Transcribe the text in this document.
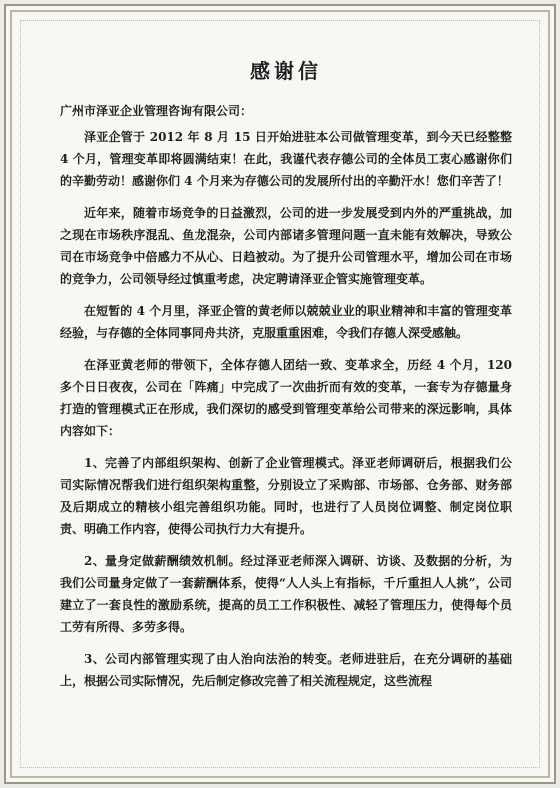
感谢信
广州市泽亚企业管理咨询有限公司：

泽亚企管于 2012 年 8 月 15 日开始进驻本公司做管理变革，到今天已经整整 4 个月，管理变革即将圆满结束！在此，我谨代表存德公司的全体员工衷心感谢你们的辛勤劳动！感谢你们 4 个月来为存德公司的发展所付出的辛勤汗水！您们辛苦了！

近年来，随着市场竞争的日益激烈，公司的进一步发展受到内外的严重挑战，加之现在市场秩序混乱、鱼龙混杂，公司内部诸多管理问题一直未能有效解决，导致公司在市场竞争中倍感力不从心、日趋被动。为了提升公司管理水平，增加公司在市场的竞争力，公司领导经过慎重考虑，决定聘请泽亚企管实施管理变革。

在短暂的 4 个月里，泽亚企管的黄老师以兢兢业业的职业精神和丰富的管理变革经验，与存德的全体同事同舟共济，克服重重困难，令我们存德人深受感触。

在泽亚黄老师的带领下，全体存德人团结一致、变革求全，历经 4 个月，120 多个日日夜夜，公司在「阵痛」中完成了一次曲折而有效的变革，一套专为存德量身打造的管理模式正在形成，我们深切的感受到管理变革给公司带来的深远影响，具体内容如下：

1、完善了内部组织架构、创新了企业管理模式。泽亚老师调研后，根据我们公司实际情况帮我们进行组织架构重整，分别设立了采购部、市场部、仓务部、财务部及后期成立的精核小组完善组织功能。同时，也进行了人员岗位调整、制定岗位职责、明确工作内容，使得公司执行力大有提升。

2、量身定做薪酬绩效机制。经过泽亚老师深入调研、访谈、及数据的分析，为我们公司量身定做了一套薪酬体系，使得“人人头上有指标，千斤重担人人挑”，公司建立了一套良性的激励系统，提高的员工工作积极性、减轻了管理压力，使得每个员工劳有所得、多劳多得。

3、公司内部管理实现了由人治向法治的转变。老师进驻后，在充分调研的基础上，根据公司实际情况，先后制定修改完善了相关流程规定，这些流程
